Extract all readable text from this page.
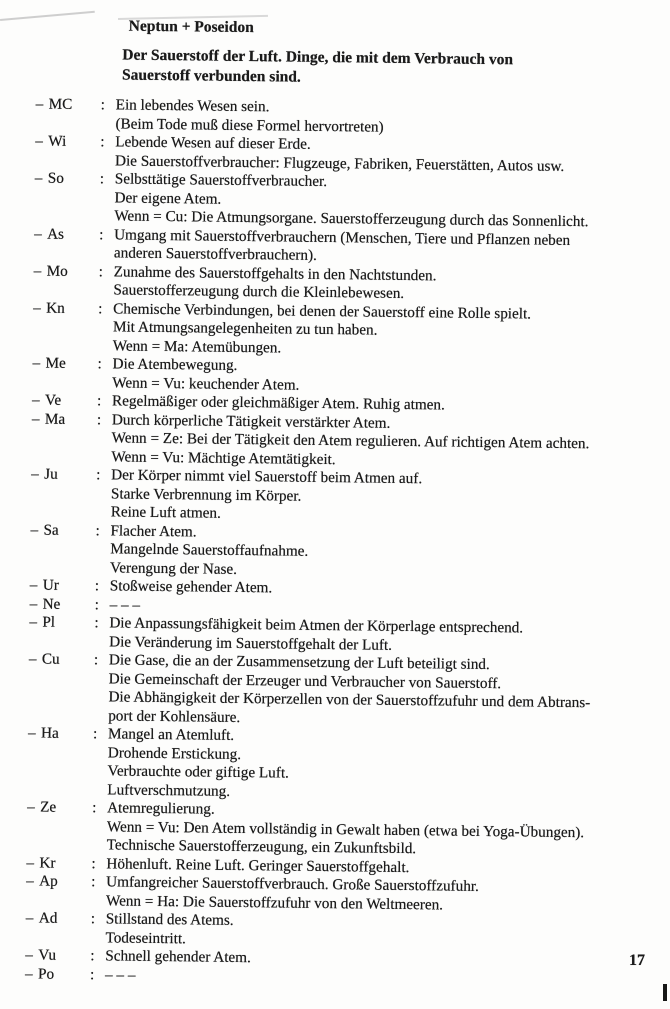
Neptun + Poseidon
Der Sauerstoff der Luft. Dinge, die mit dem Verbrauch von
Sauerstoff verbunden sind.
– MC : Ein lebendes Wesen sein.
(Beim Tode muß diese Formel hervortreten)
– Wi : Lebende Wesen auf dieser Erde.
Die Sauerstoffverbraucher: Flugzeuge, Fabriken, Feuerstätten, Autos usw.
– So : Selbsttätige Sauerstoffverbraucher.
Der eigene Atem.
Wenn = Cu: Die Atmungsorgane. Sauerstofferzeugung durch das Sonnenlicht.
– As : Umgang mit Sauerstoffverbrauchern (Menschen, Tiere und Pflanzen neben
anderen Sauerstoffverbrauchern).
– Mo : Zunahme des Sauerstoffgehalts in den Nachtstunden.
Sauerstofferzeugung durch die Kleinlebewesen.
– Kn : Chemische Verbindungen, bei denen der Sauerstoff eine Rolle spielt.
Mit Atmungsangelegenheiten zu tun haben.
Wenn = Ma: Atemübungen.
– Me : Die Atembewegung.
Wenn = Vu: keuchender Atem.
– Ve : Regelmäßiger oder gleichmäßiger Atem. Ruhig atmen.
– Ma : Durch körperliche Tätigkeit verstärkter Atem.
Wenn = Ze: Bei der Tätigkeit den Atem regulieren. Auf richtigen Atem achten.
Wenn = Vu: Mächtige Atemtätigkeit.
– Ju	: Der Körper nimmt viel Sauerstoff beim Atmen auf.
Starke Verbrennung im Körper.
Reine Luft atmen.
– Sa : Flacher Atem.
Mangelnde Sauerstoffaufnahme.
Verengung der Nase.
– Ur : Stoßweise gehender Atem.
– Ne : – – –
– Pl	: Die Anpassungsfähigkeit beim Atmen der Körperlage entsprechend.
Die Veränderung im Sauerstoffgehalt der Luft.
– Cu : Die Gase, die an der Zusammensetzung der Luft beteiligt sind.
Die Gemeinschaft der Erzeuger und Verbraucher von Sauerstoff.
Die Abhängigkeit der Körperzellen von der Sauerstoffzufuhr und dem Abtrans-
port der Kohlensäure.
– Ha : Mangel an Atemluft.
Drohende Erstickung.
Verbrauchte oder giftige Luft.
Luftverschmutzung.
– Ze : Atemregulierung.
Wenn = Vu: Den Atem vollständig in Gewalt haben (etwa bei Yoga-Übungen).
Technische Sauerstofferzeugung, ein Zukunftsbild.
– Kr : Höhenluft. Reine Luft. Geringer Sauerstoffgehalt.
– Ap : Umfangreicher Sauerstoffverbrauch. Große Sauerstoffzufuhr.
Wenn = Ha: Die Sauerstoffzufuhr von den Weltmeeren.
– Ad : Stillstand des Atems.
Todeseintritt.
– Vu : Schnell gehender Atem.
– Po : – – –
17
